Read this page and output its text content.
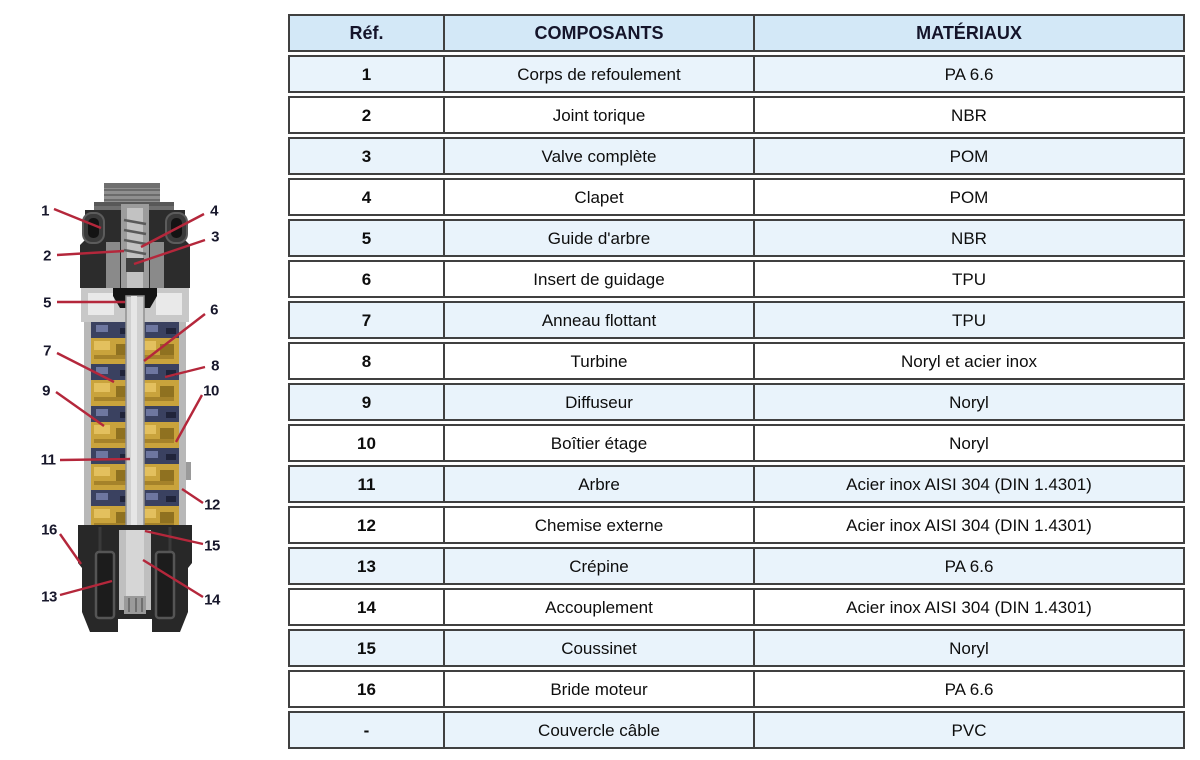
1
2
3
4
5	6
7
8
9	10
11
12
13	14
15
16
Réf.	COMPOSANTS	MATÉRIAUX
1	Corps de refoulement	PA 6.6
2	Joint torique	NBR
3	Valve complète	POM
4	Clapet	POM
5	Guide d'arbre	NBR
6	Insert de guidage	TPU
7	Anneau flottant	TPU
8	Turbine	Noryl et acier inox
9	Diffuseur	Noryl
10	Boîtier étage	Noryl
11	Arbre	Acier inox AISI 304 (DIN 1.4301)
12	Chemise externe	Acier inox AISI 304 (DIN 1.4301)
13	Crépine	PA 6.6
14	Accouplement	Acier inox AISI 304 (DIN 1.4301)
15	Coussinet	Noryl
16	Bride moteur	PA 6.6
-	Couvercle câble	PVC
